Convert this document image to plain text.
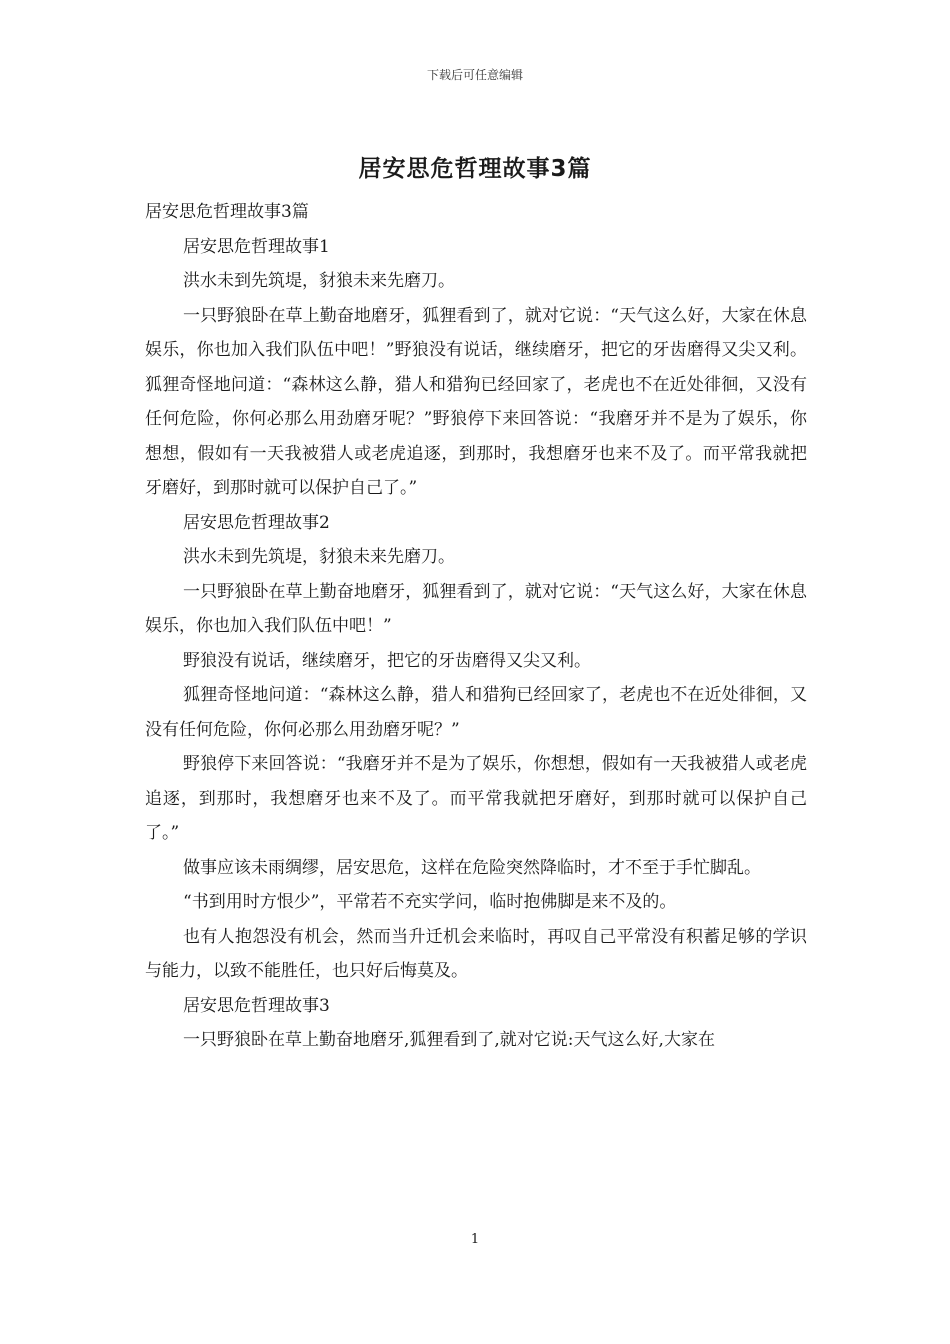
下载后可任意编辑
居安思危哲理故事3篇

居安思危哲理故事3篇

居安思危哲理故事1

洪水未到先筑堤，豺狼未来先磨刀。

一只野狼卧在草上勤奋地磨牙，狐狸看到了，就对它说：“天气这么好，大家在休息娱乐，你也加入我们队伍中吧！”野狼没有说话，继续磨牙，把它的牙齿磨得又尖又利。狐狸奇怪地问道：“森林这么静，猎人和猎狗已经回家了，老虎也不在近处徘徊，又没有任何危险，你何必那么用劲磨牙呢？”野狼停下来回答说：“我磨牙并不是为了娱乐，你想想，假如有一天我被猎人或老虎追逐，到那时，我想磨牙也来不及了。而平常我就把牙磨好，到那时就可以保护自己了。”

居安思危哲理故事2

洪水未到先筑堤，豺狼未来先磨刀。

一只野狼卧在草上勤奋地磨牙，狐狸看到了，就对它说：“天气这么好，大家在休息娱乐，你也加入我们队伍中吧！”

野狼没有说话，继续磨牙，把它的牙齿磨得又尖又利。

狐狸奇怪地问道：“森林这么静，猎人和猎狗已经回家了，老虎也不在近处徘徊，又没有任何危险，你何必那么用劲磨牙呢？”

野狼停下来回答说：“我磨牙并不是为了娱乐，你想想，假如有一天我被猎人或老虎追逐，到那时，我想磨牙也来不及了。而平常我就把牙磨好，到那时就可以保护自己了。”

做事应该未雨绸缪，居安思危，这样在危险突然降临时，才不至于手忙脚乱。

“书到用时方恨少”，平常若不充实学问，临时抱佛脚是来不及的。

也有人抱怨没有机会，然而当升迁机会来临时，再叹自己平常没有积蓄足够的学识与能力，以致不能胜任，也只好后悔莫及。

居安思危哲理故事3

一只野狼卧在草上勤奋地磨牙,狐狸看到了,就对它说:天气这么好,大家在

1
